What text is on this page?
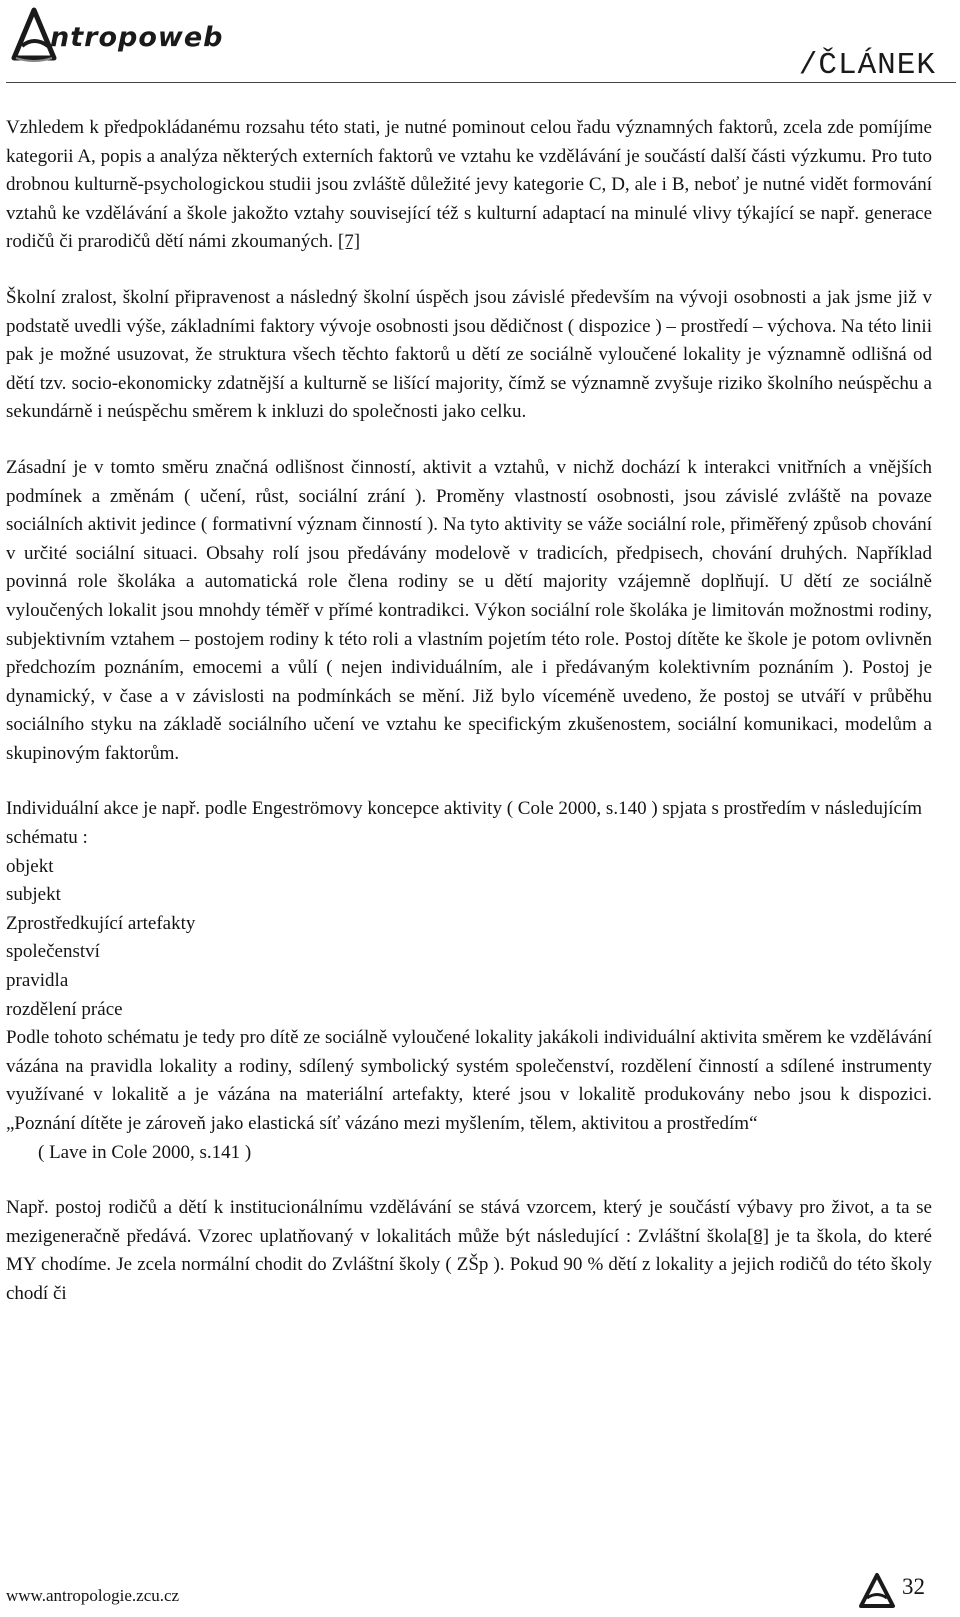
ntropoweb
/ČLÁNEK

Vzhledem k předpokládanému rozsahu této stati, je nutné pominout celou řadu významných faktorů, zcela zde pomíjíme kategorii A, popis a analýza některých externích faktorů ve vztahu ke vzdělávání je součástí další části výzkumu. Pro tuto drobnou kulturně-psychologickou studii jsou zvláště důležité jevy kategorie C, D, ale i B, neboť je nutné vidět formování vztahů ke vzdělávání a škole jakožto vztahy související též s kulturní adaptací na minulé vlivy týkající se např. generace rodičů či prarodičů dětí námi zkoumaných. [7]

Školní zralost, školní připravenost a následný školní úspěch jsou závislé především na vývoji osobnosti a jak jsme již v podstatě uvedli výše, základními faktory vývoje osobnosti jsou dědičnost ( dispozice ) – prostředí – výchova. Na této linii pak je možné usuzovat, že struktura všech těchto faktorů u dětí ze sociálně vyloučené lokality je významně odlišná od dětí tzv. socio-ekonomicky zdatnější a kulturně se lišící majority, čímž se významně zvyšuje riziko školního neúspěchu a sekundárně i neúspěchu směrem k inkluzi do společnosti jako celku.

Zásadní je v tomto směru značná odlišnost činností, aktivit a vztahů, v nichž dochází k interakci vnitřních a vnějších podmínek a změnám ( učení, růst, sociální zrání ). Proměny vlastností osobnosti, jsou závislé zvláště na povaze sociálních aktivit jedince ( formativní význam činností ). Na tyto aktivity se váže sociální role, přiměřený způsob chování v určité sociální situaci. Obsahy rolí jsou předávány modelově v tradicích, předpisech, chování druhých. Například povinná role školáka a automatická role člena rodiny se u dětí majority vzájemně doplňují. U dětí ze sociálně vyloučených lokalit jsou mnohdy téměř v přímé kontradikci. Výkon sociální role školáka je limitován možnostmi rodiny, subjektivním vztahem – postojem rodiny k této roli a vlastním pojetím této role. Postoj dítěte ke škole je potom ovlivněn předchozím poznáním, emocemi a vůlí ( nejen individuálním, ale i předávaným kolektivním poznáním ). Postoj je dynamický, v čase a v závislosti na podmínkách se mění. Již bylo víceméně uvedeno, že postoj se utváří v průběhu sociálního styku na základě sociálního učení ve vztahu ke specifickým zkušenostem, sociální komunikaci, modelům a skupinovým faktorům.

Individuální akce je např. podle Engeströmovy koncepce aktivity ( Cole 2000, s.140 ) spjata s prostředím v následujícím schématu :
objekt
subjekt
Zprostředkující artefakty
společenství
pravidla
rozdělení práce
Podle tohoto schématu je tedy pro dítě ze sociálně vyloučené lokality jakákoli individuální aktivita směrem ke vzdělávání vázána na pravidla lokality a rodiny, sdílený symbolický systém společenství, rozdělení činností a sdílené instrumenty využívané v lokalitě a je vázána na materiální artefakty, které jsou v lokalitě produkovány nebo jsou k dispozici. „Poznání dítěte je zároveň jako elastická síť vázáno mezi myšlením, tělem, aktivitou a prostředím“
( Lave in Cole 2000, s.141 )

Např. postoj rodičů a dětí k institucionálnímu vzdělávání se stává vzorcem, který je součástí výbavy pro život, a ta se mezigeneračně předává. Vzorec uplatňovaný v lokalitách může být následující : Zvláštní škola[8] je ta škola, do které MY chodíme. Je zcela normální chodit do Zvláštní školy ( ZŠp ). Pokud 90 % dětí z lokality a jejich rodičů do této školy chodí či

www.antropologie.zcu.cz	32
